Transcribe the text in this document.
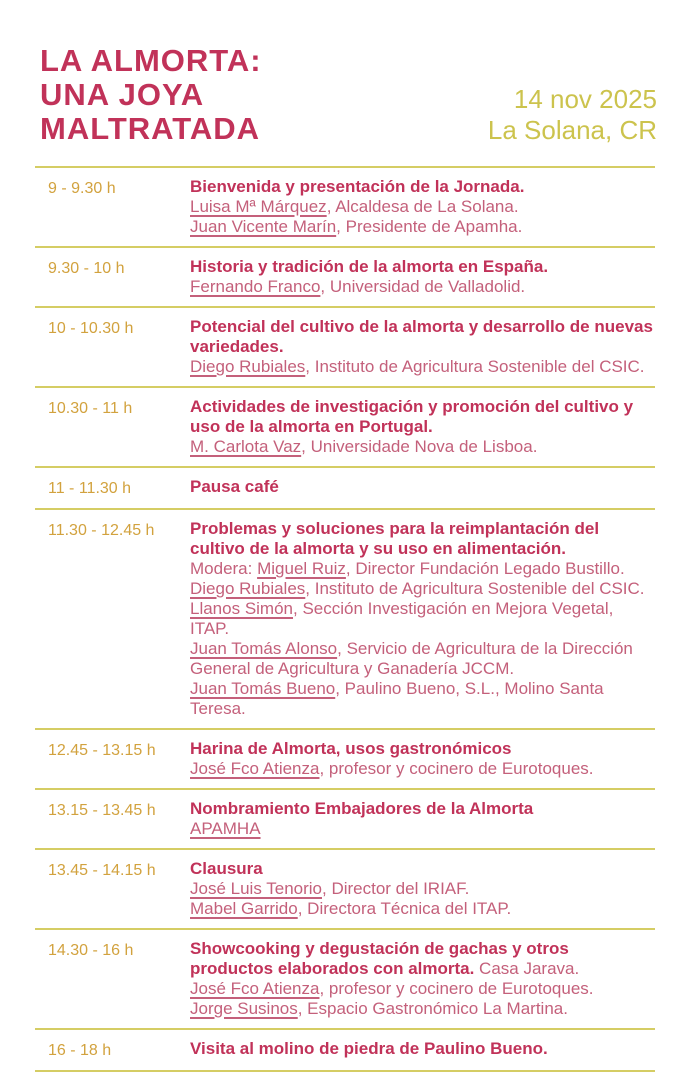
LA ALMORTA:
UNA JOYA
MALTRATADA
14 nov 2025
La Solana, CR
9 - 9.30 h	Bienvenida y presentación de la Jornada.

Luisa Mª Márquez, Alcaldesa de La Solana.

Juan Vicente Marín, Presidente de Apamha.

9.30 - 10 h	Historia y tradición de la almorta en España.

Fernando Franco, Universidad de Valladolid.

10 - 10.30 h	Potencial del cultivo de la almorta y desarrollo de nuevas variedades.

Diego Rubiales, Instituto de Agricultura Sostenible del CSIC.

10.30 - 11 h	Actividades de investigación y promoción del cultivo y uso de la almorta en Portugal.

M. Carlota Vaz, Universidade Nova de Lisboa.

11 - 11.30 h	Pausa café

11.30 - 12.45 h	Problemas y soluciones para la reimplantación del cultivo de la almorta y su uso en alimentación.

Modera: Miguel Ruiz, Director Fundación Legado Bustillo.

Diego Rubiales, Instituto de Agricultura Sostenible del CSIC.

Llanos Simón, Sección Investigación en Mejora Vegetal, ITAP.

Juan Tomás Alonso, Servicio de Agricultura de la Dirección General de Agricultura y Ganadería JCCM.

Juan Tomás Bueno, Paulino Bueno, S.L., Molino Santa Teresa.

12.45 - 13.15 h	Harina de Almorta, usos gastronómicos

José Fco Atienza, profesor y cocinero de Eurotoques.

13.15 - 13.45 h	Nombramiento Embajadores de la Almorta

APAMHA

13.45 - 14.15 h	Clausura

José Luis Tenorio, Director del IRIAF.

Mabel Garrido, Directora Técnica del ITAP.

14.30 - 16 h	Showcooking y degustación de gachas y otros productos elaborados con almorta. Casa Jarava.

José Fco Atienza, profesor y cocinero de Eurotoques.

Jorge Susinos, Espacio Gastronómico La Martina.

16 - 18 h	Visita al molino de piedra de Paulino Bueno.
